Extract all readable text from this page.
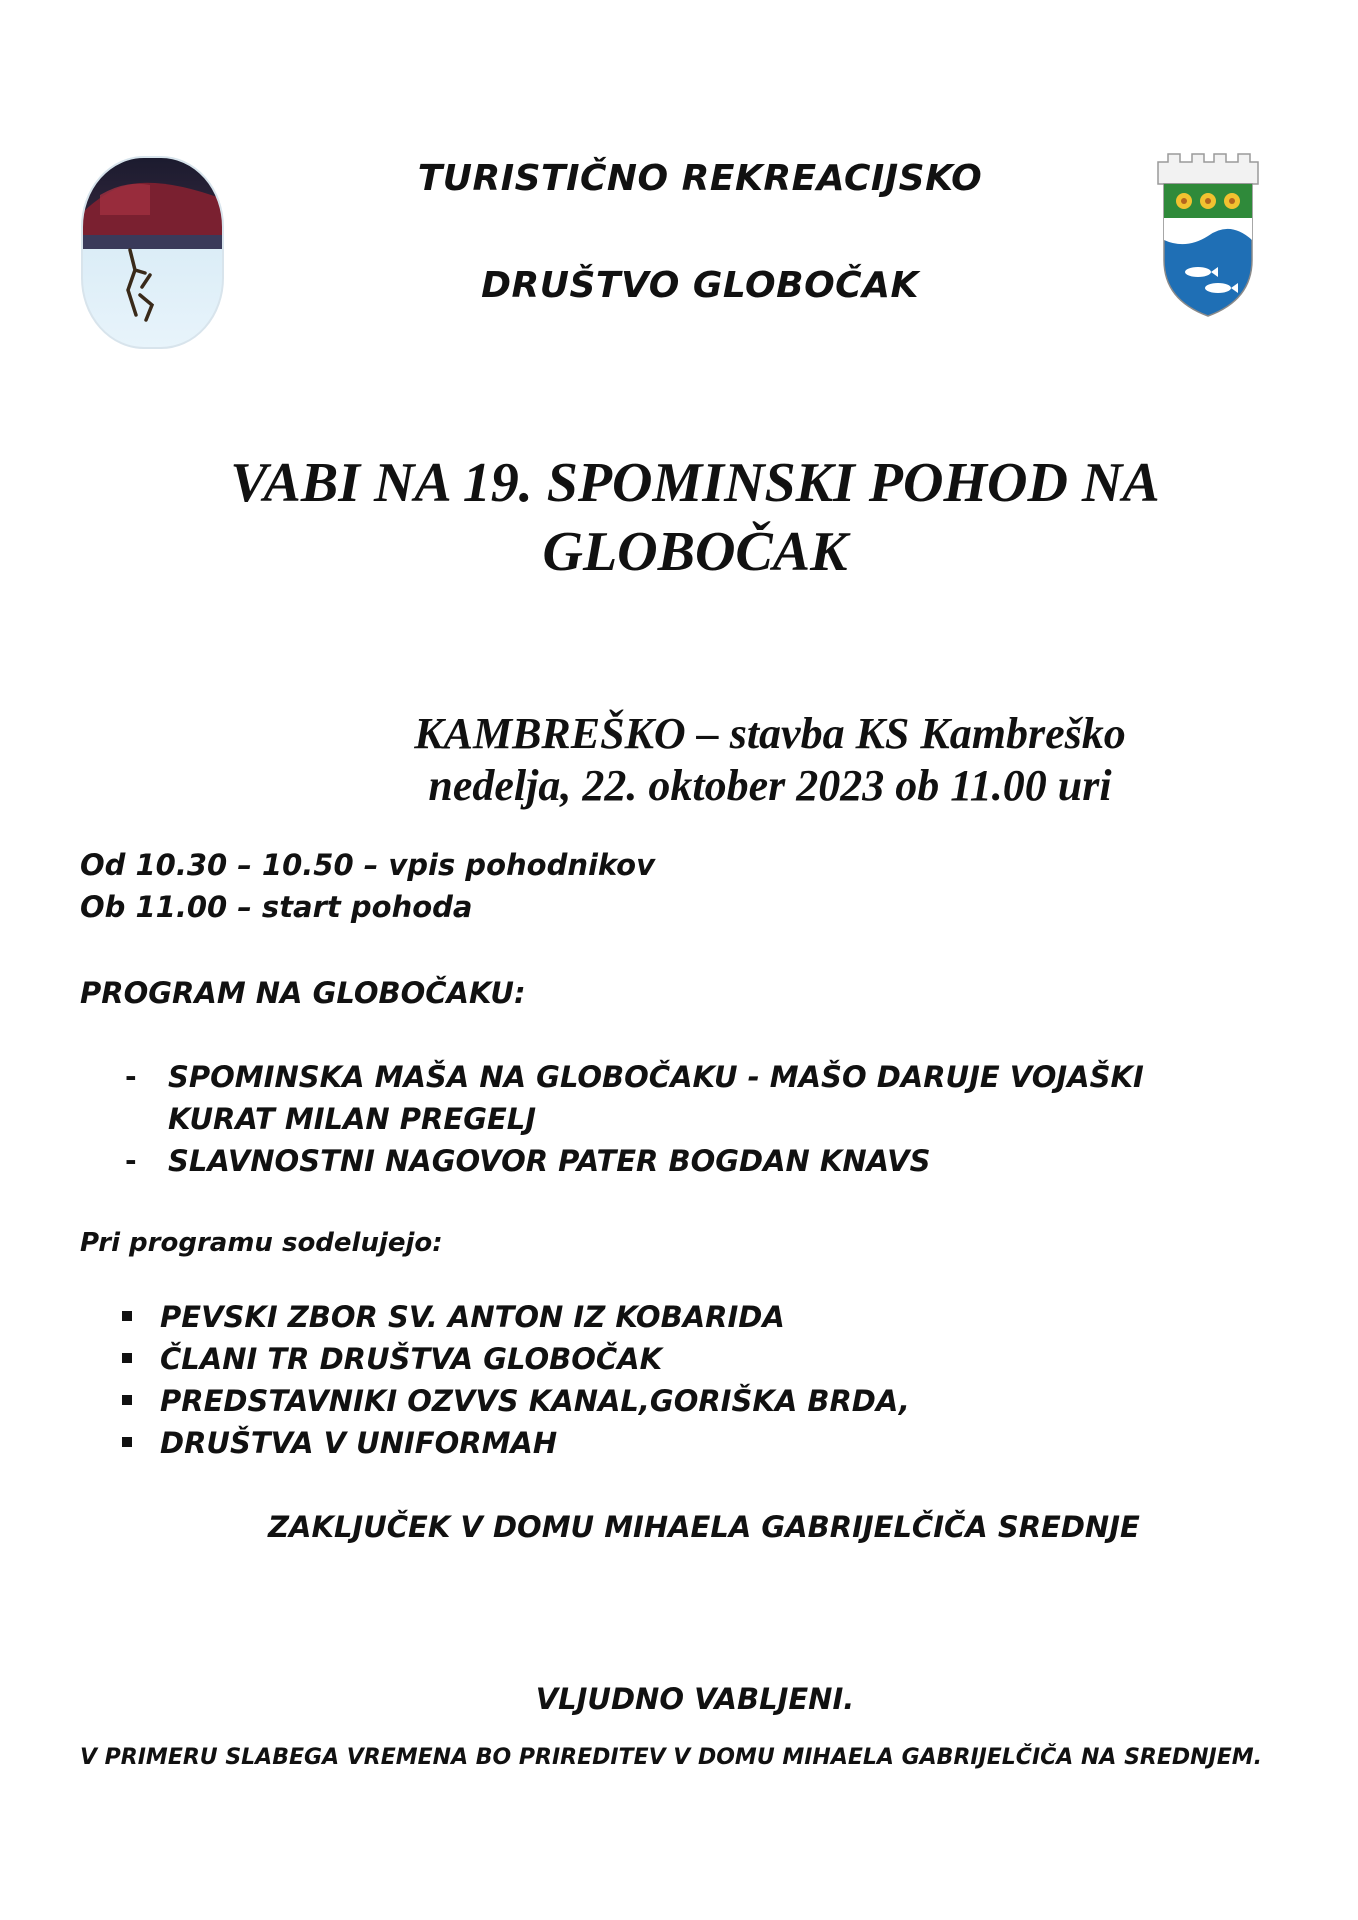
TURISTIČNO REKREACIJSKO
DRUŠTVO GLOBOČAK
VABI NA 19. SPOMINSKI POHOD NA
GLOBOČAK
KAMBREŠKO – stavba KS Kambreško
nedelja, 22. oktober 2023 ob 11.00 uri
Od 10.30 – 10.50 – vpis pohodnikov
Ob 11.00 – start pohoda
PROGRAM NA GLOBOČAKU:
- SPOMINSKA MAŠA NA GLOBOČAKU - MAŠO DARUJE VOJAŠKI
KURAT MILAN PREGELJ
- SLAVNOSTNI NAGOVOR PATER BOGDAN KNAVS
Pri programu sodelujejo:
PEVSKI ZBOR SV. ANTON IZ KOBARIDA
ČLANI TR DRUŠTVA GLOBOČAK
PREDSTAVNIKI OZVVS KANAL,GORIŠKA BRDA,
DRUŠTVA V UNIFORMAH
ZAKLJUČEK V DOMU MIHAELA GABRIJELČIČA SREDNJE
VLJUDNO VABLJENI.
V PRIMERU SLABEGA VREMENA BO PRIREDITEV V DOMU MIHAELA GABRIJELČIČA NA SREDNJEM.
